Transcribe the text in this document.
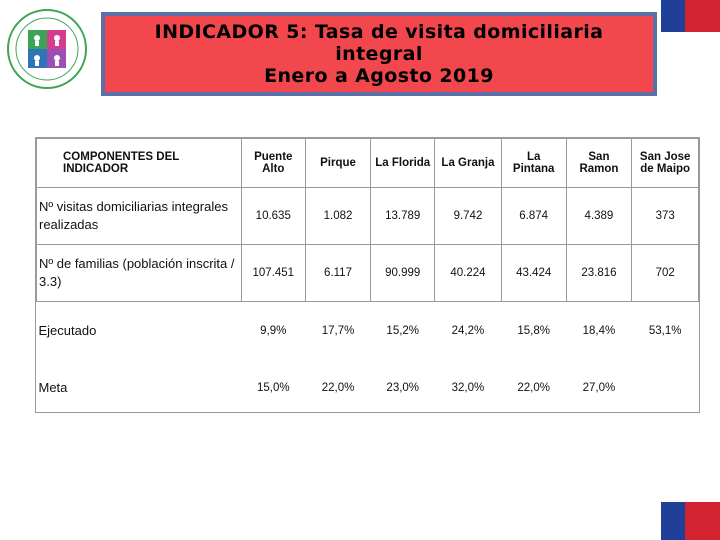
INDICADOR 5: Tasa de visita domiciliaria
integral
Enero a Agosto 2019
COMPONENTES DEL INDICADOR	Puente Alto	Pirque	La Florida	La Granja	La Pintana	San Ramon	San Jose de Maipo
Nº visitas domiciliarias integrales realizadas	10.635	1.082	13.789	9.742	6.874	4.389	373
Nº de familias (población inscrita / 3.3)	107.451	6.117	90.999	40.224	43.424	23.816	702
Ejecutado	9,9%	17,7%	15,2%	24,2%	15,8%	18,4%	53,1%
Meta	15,0%	22,0%	23,0%	32,0%	22,0%	27,0%	
